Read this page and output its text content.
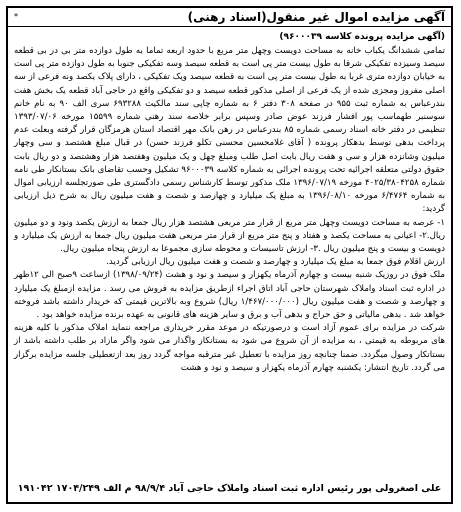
آگهی مزایده اموال غیر منقول(اسناد رهنی)
*
(آگهی مزایده پرونده کلاسه ۹۶۰۰۰۳۹)

تمامی ششدانگ یکباب خانه به مساحت دویست وچهل متر مربع با حدود اربعه تماما به طول دوازده متر بی در بی قطعه سیصد وسیزده تفکیکی شرقا به طول بیست متر پی است به قطعه سیصد وسه تفکیکی جنوبا به طول دوازده متر پی است به خیابان دوازده متری غربا به طول بیست متر پی است به قطعه سیصد ویک تفکیکی ، دارای پلاک یکصد ونه فرعی از سه اصلی مفروز ومجزی شده از یک فرعی از اصلی مذکور قطعه سیصد و دو تفکیکی واقع در حاجی آباد قطعه یک بخش هفت بندرعباس به شماره ثبت ۹۵۵ در صفحه ۳۰۸ دفتر ۶ به شماره چاپی سند مالکیت ۶۹۳۲۸۸ سری الف ۹۰ به نام خانم سوسنبر طهماسب پور افشار فرزند عوض صادر وسپس برابر خلاصه سند رهنی شماره ۱۵۵۹۹ مورخه ۱۳۹۳/۰۷/۰۶ تنظیمی در دفتر خانه اسناد رسمی شماره ۸۵ بندرعباس در رهن بانک مهر اقتصاد استان هرمزگان قرار گرفته وبعلت عدم پرداخت بدهی توسط بدهکار پرونده ( آقای غلامحسین محسنی تکلو فرزند حسن) در قبال مبلغ هشتصد و سی وچهار میلیون وشانزده هزار و سی و هفت ریال بابت اصل طلب ومبلغ چهل و یک میلیون وهفتصد هزار وهشتصد و دو ریال بابت حقوق دولتی متعلقه اجرائیه تحت پرونده اجرائی به شماره کلاسه ۹۶۰۰۰۳۹ تشکیل وحسب تقاضای بانک بستانکار طی نامه شماره ۴۰۲۵/۳۸۰۴۲۵۸ مورخه ۱۳۹۶/۰۷/۱۹ ملک مذکور توسط کارشناس رسمی دادگستری طی صورتجلسه ارزیابی اموال به شماره ۶/۴۷۶۴ مورخه ۱۳۹۶/۰۸/۱۰ به مبلغ یک میلیارد و چهارصد و شصت و هفت میلیون ریال به شرح ذیل ارزیابی گردید:

۱- عرصه به مساحت دویست وچهل متر مربع از قرار متر مربعی هشتصد هزار ریال جمعا به ارزش یکصد ونود و دو میلیون ریال.۲- اعیانی به مساحت یکصد و هفتاد و پنج متر مربع از قرار متر مربعی هفت میلیون ریال جمعا به ارزش یک میلیارد و دویست و بیست و پنج میلیون ریال .۳- ارزش تاسیسات و محوطه سازی مجموعا به ارزش پنجاه میلیون ریال.

ارزش اقلام فوق جمعا به مبلغ یک میلیارد و چهارصد و شصت و هفت میلیون ریال ارزیابی گردید.

ملک فوق در روزیک شنبه بیست و چهارم آذرماه یکهزار و سیصد و نود و هشت (۱۳۹۸/۰۹/۲۴) ازساعت ۹صبح الی ۱۲ظهر در اداره ثبت اسناد واملاک شهرستان حاجی آباد اتاق اجراء ازطریق مزایده به فروش می رسد . مزایده ازمبلغ یک میلیارد و چهارصد و شصت و هفت میلیون ریال (۱/۴۶۷/۰۰۰/۰۰۰ ریال) شروع وبه بالاترین قیمتی که خریدار داشته باشد فروخته خواهد شد . بدهی مالیاتی و حق حراج و بدهی آب و برق و سایر هزینه های قانونی به عهده برنده مزایده خواهد بود .

شرکت در مزایده برای عموم آزاد است و درصورتیکه در موعد مقرر خریداری مراجعه ننماید املاک مذکور با کلیه هزینه های مربوطه به قیمتی ، به مزایده از آن شروع می شود به بستانکار واگذار می شود واگر مازاد بر طلب داشته باشد از بستانکار وصول میگردد. ضمنا چنانچه روز مزایده با تعطیل غیر مترقبه مواجه گردد روز بعد ازتعطیلی جلسه مزایده برگزار می گردد. تاریخ انتشار: یکشنبه چهارم آذرماه یکهزار و سیصد و نود و هشت

علی اصغرولی پور رئیس اداره ثبت اسناد واملاک حاجی آباد ۹۸/۹/۴ م الف ۱۷۰۴/۲۴۹ ۱۹۱۰۴۲
